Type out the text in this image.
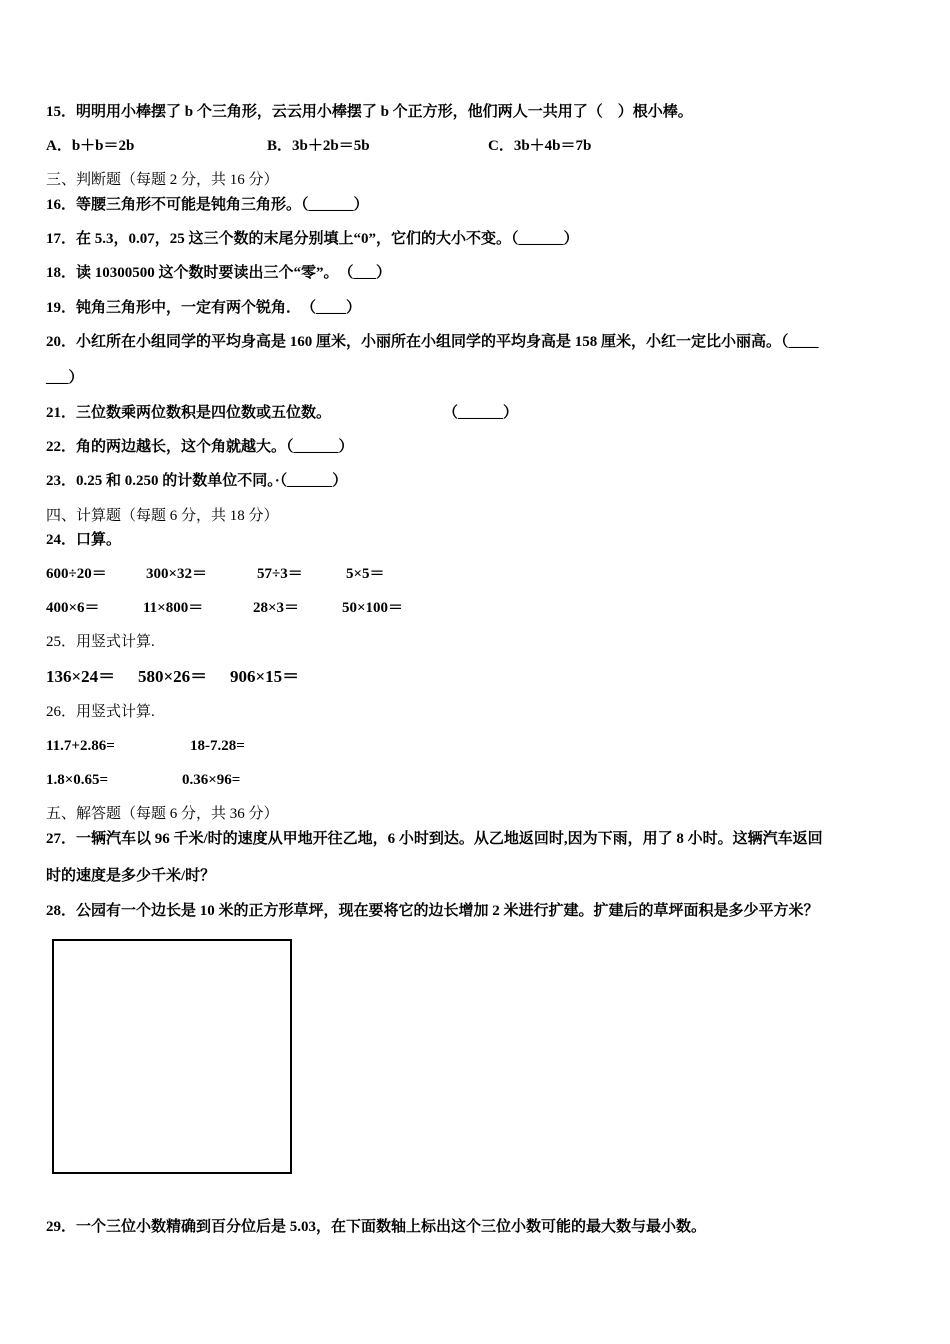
15．明明用小棒摆了 b 个三角形，云云用小棒摆了 b 个正方形，他们两人一共用了（　）根小棒。
A．b＋b＝2b	B．3b＋2b＝5b	C．3b＋4b＝7b
三、判断题（每题 2 分，共 16 分）
16．等腰三角形不可能是钝角三角形。（______）
17．在 5.3，0.07，25 这三个数的末尾分别填上“0”，它们的大小不变。（______）
18．读 10300500 这个数时要读出三个“零”。　（___）
19．钝角三角形中，一定有两个锐角．　（____）
20．小红所在小组同学的平均身高是 160 厘米，小丽所在小组同学的平均身高是 158 厘米，小红一定比小丽高。（____
___）
21．三位数乘两位数积是四位数或五位数。	（______）
22．角的两边越长，这个角就越大。（______）
23．0.25 和 0.250 的计数单位不同。·（______）
四、计算题（每题 6 分，共 18 分）
24．口算。
600÷20＝	300×32＝	57÷3＝	5×5＝
400×6＝	11×800＝	28×3＝	50×100＝
25．用竖式计算.
136×24＝ 580×26＝ 906×15＝
26．用竖式计算.
11.7+2.86=	18-7.28=
1.8×0.65=	0.36×96=
五、解答题（每题 6 分，共 36 分）
27．一辆汽车以 96 千米/时的速度从甲地开往乙地，6 小时到达。从乙地返回时,因为下雨，用了 8 小时。这辆汽车返回
时的速度是多少千米/时？
28．公园有一个边长是 10 米的正方形草坪，现在要将它的边长增加 2 米进行扩建。扩建后的草坪面积是多少平方米？
29．一个三位小数精确到百分位后是 5.03，在下面数轴上标出这个三位小数可能的最大数与最小数。
